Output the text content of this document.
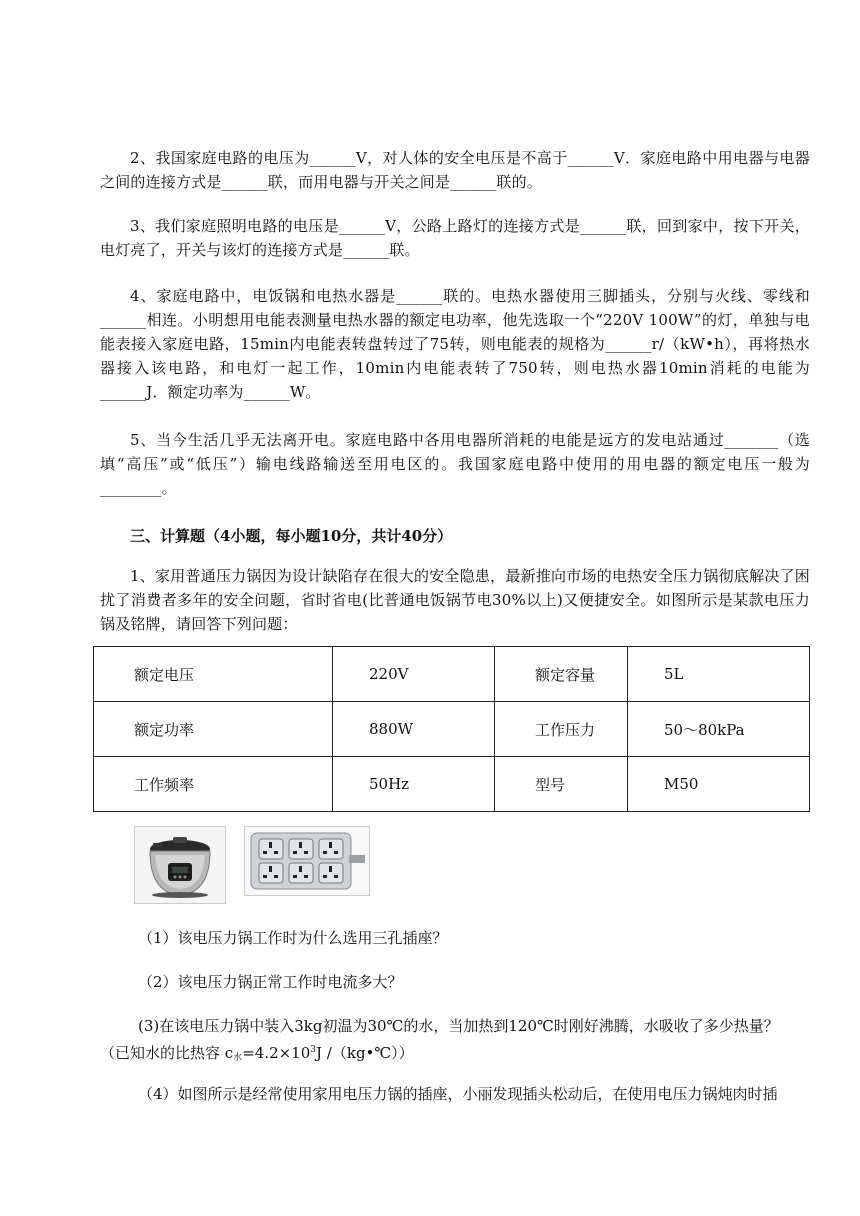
2、我国家庭电路的电压为______V，对人体的安全电压是不高于______V．家庭电路中用电器与电器之间的连接方式是______联，而用电器与开关之间是______联的。

3、我们家庭照明电路的电压是______V，公路上路灯的连接方式是______联，回到家中，按下开关，电灯亮了，开关与该灯的连接方式是______联。

4、家庭电路中，电饭锅和电热水器是______联的。电热水器使用三脚插头，分别与火线、零线和______相连。小明想用电能表测量电热水器的额定电功率，他先选取一个“220V 100W”的灯，单独与电能表接入家庭电路，15min内电能表转盘转过了75转，则电能表的规格为______r/（kW•h），再将热水器接入该电路，和电灯一起工作，10min内电能表转了750转，则电热水器10min消耗的电能为______J．额定功率为______W。

5、当今生活几乎无法离开电。家庭电路中各用电器所消耗的电能是远方的发电站通过_______（选填“高压”或“低压”）输电线路输送至用电区的。我国家庭电路中使用的用电器的额定电压一般为________。

三、计算题（4小题，每小题10分，共计40分）

1、家用普通压力锅因为设计缺陷存在很大的安全隐患，最新推向市场的电热安全压力锅彻底解决了困扰了消费者多年的安全问题，省时省电(比普通电饭锅节电30%以上)又便捷安全。如图所示是某款电压力锅及铭牌，请回答下列问题：

额定电压	220V	额定容量	5L
额定功率	880W	工作压力	50～80kPa
工作频率	50Hz	型号	M50

（1）该电压力锅工作时为什么选用三孔插座？

（2）该电压力锅正常工作时电流多大？

(3)在该电压力锅中装入3kg初温为30℃的水，当加热到120℃时刚好沸腾，水吸收了多少热量？

（已知水的比热容 c水$=4.2\times 10^3J$ /（kg•℃））

（4）如图所示是经常使用家用电压力锅的插座，小丽发现插头松动后，在使用电压力锅炖肉时插
